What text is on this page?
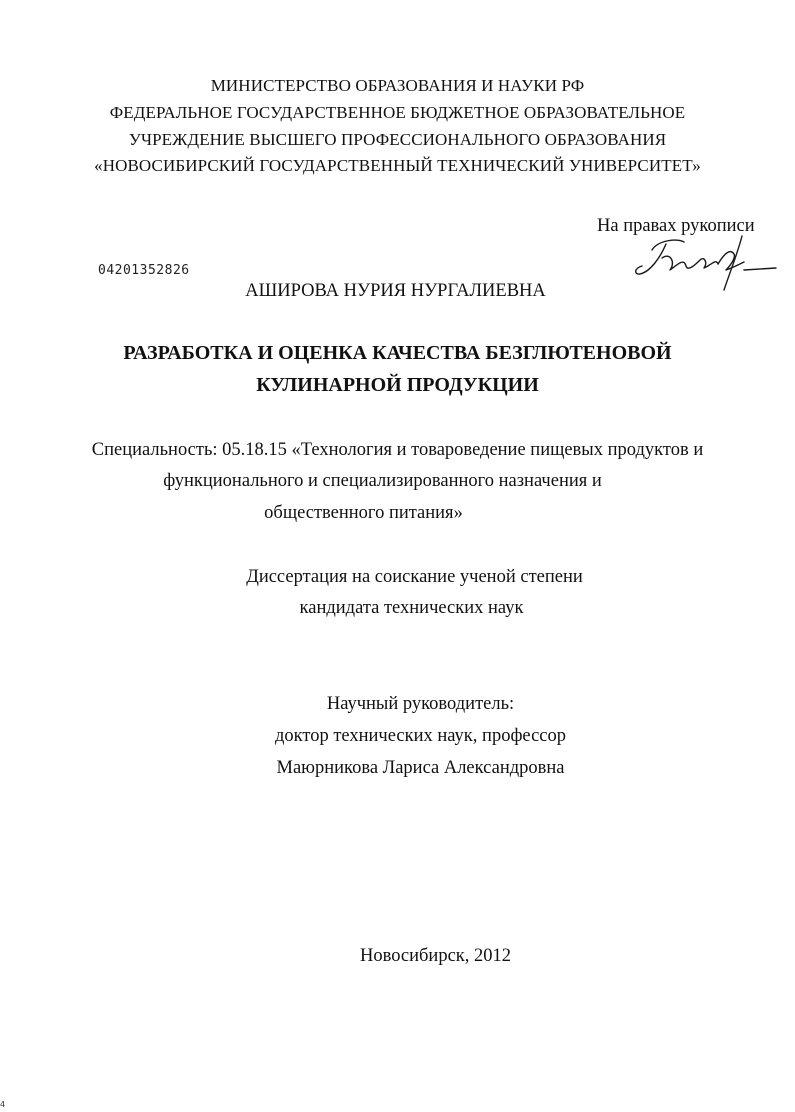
МИНИСТЕРСТВО ОБРАЗОВАНИЯ И НАУКИ РФ
ФЕДЕРАЛЬНОЕ ГОСУДАРСТВЕННОЕ БЮДЖЕТНОЕ ОБРАЗОВАТЕЛЬНОЕ
УЧРЕЖДЕНИЕ ВЫСШЕГО ПРОФЕССИОНАЛЬНОГО ОБРАЗОВАНИЯ
«НОВОСИБИРСКИЙ ГОСУДАРСТВЕННЫЙ ТЕХНИЧЕСКИЙ УНИВЕРСИТЕТ»
На правах рукописи
04201352826
АШИРОВА НУРИЯ НУРГАЛИЕВНА
РАЗРАБОТКА И ОЦЕНКА КАЧЕСТВА БЕЗГЛЮТЕНОВОЙ
КУЛИНАРНОЙ ПРОДУКЦИИ
Специальность: 05.18.15 «Технология и товароведение пищевых продуктов и
функционального и специализированного назначения и
общественного питания»
Диссертация на соискание ученой степени
кандидата технических наук
Научный руководитель:
доктор технических наук, профессор
Маюрникова Лариса Александровна
Новосибирск, 2012
4
